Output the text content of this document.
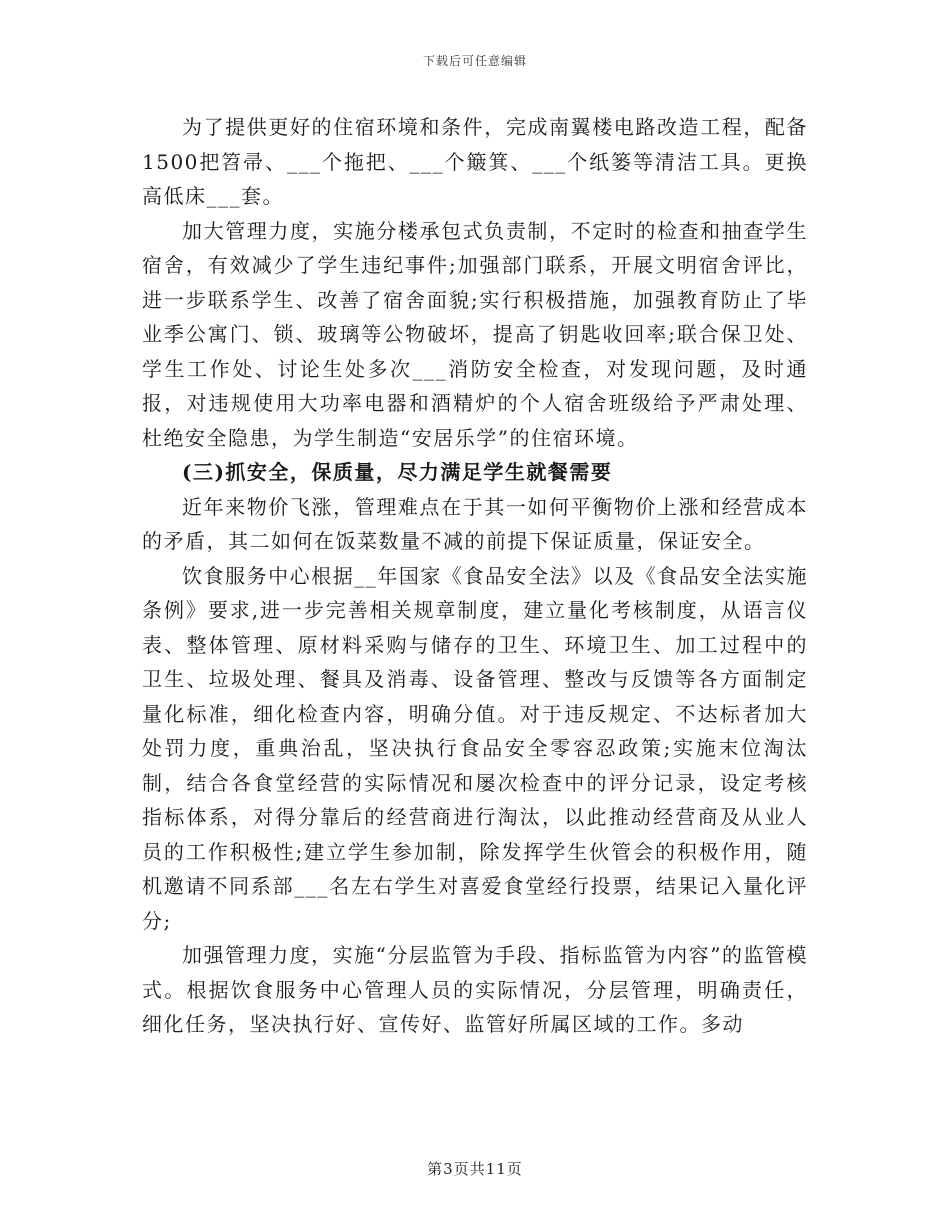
下载后可任意编辑

为了提供更好的住宿环境和条件，完成南翼楼电路改造工程，配备1500把笤帚、___个拖把、___个簸箕、___个纸篓等清洁工具。更换高低床___套。

加大管理力度，实施分楼承包式负责制，不定时的检查和抽查学生宿舍，有效减少了学生违纪事件;加强部门联系，开展文明宿舍评比，进一步联系学生、改善了宿舍面貌;实行积极措施，加强教育防止了毕业季公寓门、锁、玻璃等公物破坏，提高了钥匙收回率;联合保卫处、学生工作处、讨论生处多次___消防安全检查，对发现问题，及时通报，对违规使用大功率电器和酒精炉的个人宿舍班级给予严肃处理、杜绝安全隐患，为学生制造“安居乐学”的住宿环境。

(三)抓安全，保质量，尽力满足学生就餐需要

近年来物价飞涨，管理难点在于其一如何平衡物价上涨和经营成本的矛盾，其二如何在饭菜数量不减的前提下保证质量，保证安全。

饮食服务中心根据__年国家《食品安全法》以及《食品安全法实施条例》要求,进一步完善相关规章制度，建立量化考核制度，从语言仪表、整体管理、原材料采购与储存的卫生、环境卫生、加工过程中的卫生、垃圾处理、餐具及消毒、设备管理、整改与反馈等各方面制定量化标准，细化检查内容，明确分值。对于违反规定、不达标者加大处罚力度，重典治乱，坚决执行食品安全零容忍政策;实施末位淘汰制，结合各食堂经营的实际情况和屡次检查中的评分记录，设定考核指标体系，对得分靠后的经营商进行淘汰，以此推动经营商及从业人员的工作积极性;建立学生参加制，除发挥学生伙管会的积极作用，随机邀请不同系部___名左右学生对喜爱食堂经行投票，结果记入量化评分;

加强管理力度，实施“分层监管为手段、指标监管为内容”的监管模式。根据饮食服务中心管理人员的实际情况，分层管理，明确责任，细化任务，坚决执行好、宣传好、监管好所属区域的工作。多动

第3页共11页
